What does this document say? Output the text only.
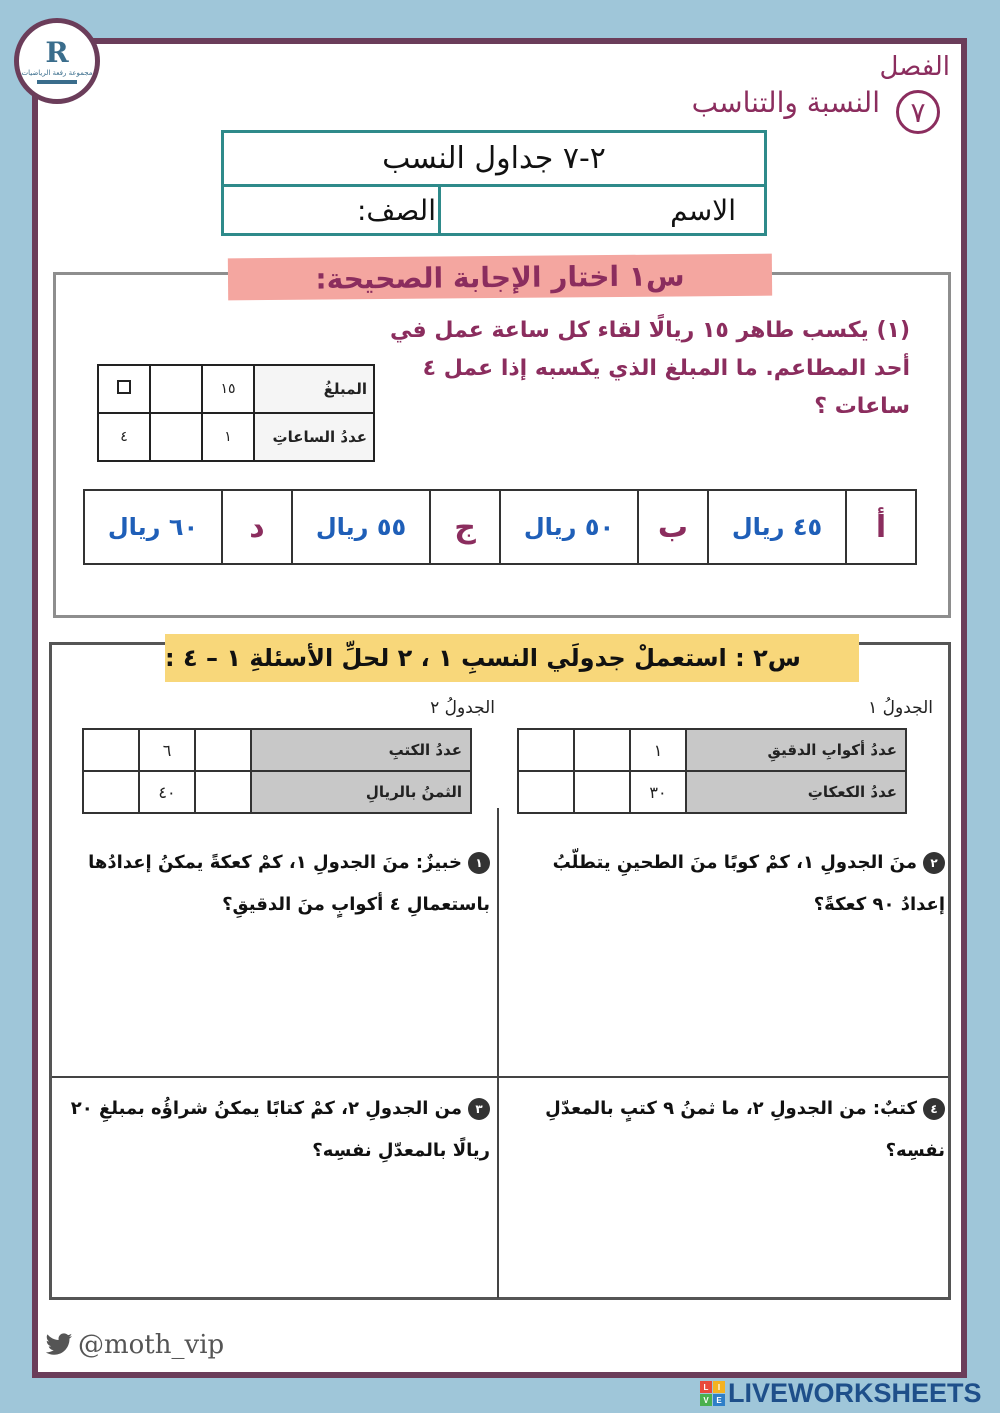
R
مجموعة رفعة الرياضيات	الفصل
٧
النسبة والتناسب
٢-٧ جداول النسب
الاسم
الصف:
س١ اختار الإجابة الصحيحة:
(١) يكسب طاهر ١٥ ريالًا لقاء كل ساعة عمل في أحد المطاعم. ما المبلغ الذي يكسبه إذا عمل ٤ ساعات ؟
المبلغُ	١٥		
عددُ الساعاتِ	١		٤
أ	٤٥ ريال	ب	٥٠ ريال	ج	٥٥ ريال	د	٦٠ ريال
س٢ : استعملْ جدولَي النسبِ ١ ، ٢ لحلِّ الأسئلةِ ١ – ٤ :
الجدولُ ١
الجدولُ ٢
عددُ أكوابِ الدقيقِ	١		
عددُ الكعكاتِ	٣٠		
عددُ الكتبِ		٦	
الثمنُ بالريالِ		٤٠	
٢منَ الجدولِ ١، كمْ كوبًا منَ الطحينِ يتطلّبُ إعدادُ ٩٠ كعكةً؟
١خبيزٌ: منَ الجدولِ ١، كمْ كعكةً يمكنُ إعدادُها باستعمالِ ٤ أكوابٍ منَ الدقيقِ؟
٤كتبٌ: من الجدولِ ٢، ما ثمنُ ٩ كتبٍ بالمعدّلِ نفسِه؟
٣من الجدولِ ٢، كمْ كتابًا يمكنُ شراؤُه بمبلغِ ٢٠ ريالًا بالمعدّلِ نفسِه؟
@moth_vip
L	I
V E LIVEWORKSHEETS
